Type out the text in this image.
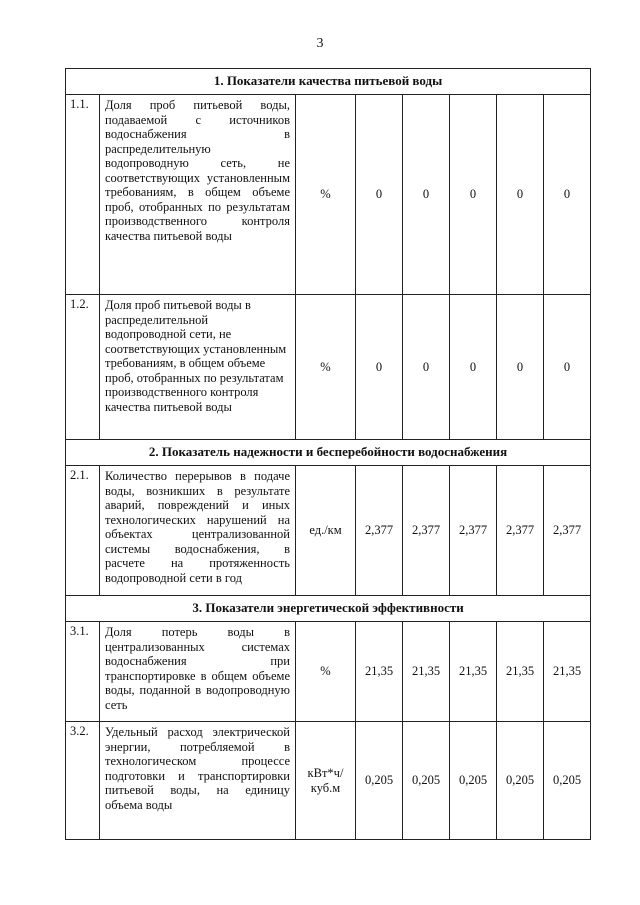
3
1. Показатели качества питьевой воды							
1.1.	Доля проб питьевой воды, подаваемой с источников водоснабжения в распределительную водопроводную сеть, не соответствующих установленным требованиям, в общем объеме проб, отобранных по результатам производственного контроля качества питьевой воды	%	0	0	0	0	0
1.2.	Доля проб питьевой воды в распределительной водопроводной сети, не соответствующих установленным требованиям, в общем объеме проб, отобранных по результатам производственного контроля качества питьевой воды	%	0	0	0	0	0
2. Показатель надежности и бесперебойности водоснабжения							
2.1.	Количество перерывов в подаче воды, возникших в результате аварий, повреждений и иных технологических нарушений на объектах централизованной системы водоснабжения, в расчете на протяженность водопроводной сети в год	ед./км	2,377	2,377	2,377	2,377	2,377
3. Показатели энергетической эффективности							
3.1.	Доля потерь воды в централизованных системах водоснабжения при транспортировке в общем объеме воды, поданной в водопроводную сеть	%	21,35	21,35	21,35	21,35	21,35
3.2.	Удельный расход электрической энергии, потребляемой в технологическом процессе подготовки и транспортировки питьевой воды, на единицу объема воды	кВт*ч/ куб.м	0,205	0,205	0,205	0,205	0,205
